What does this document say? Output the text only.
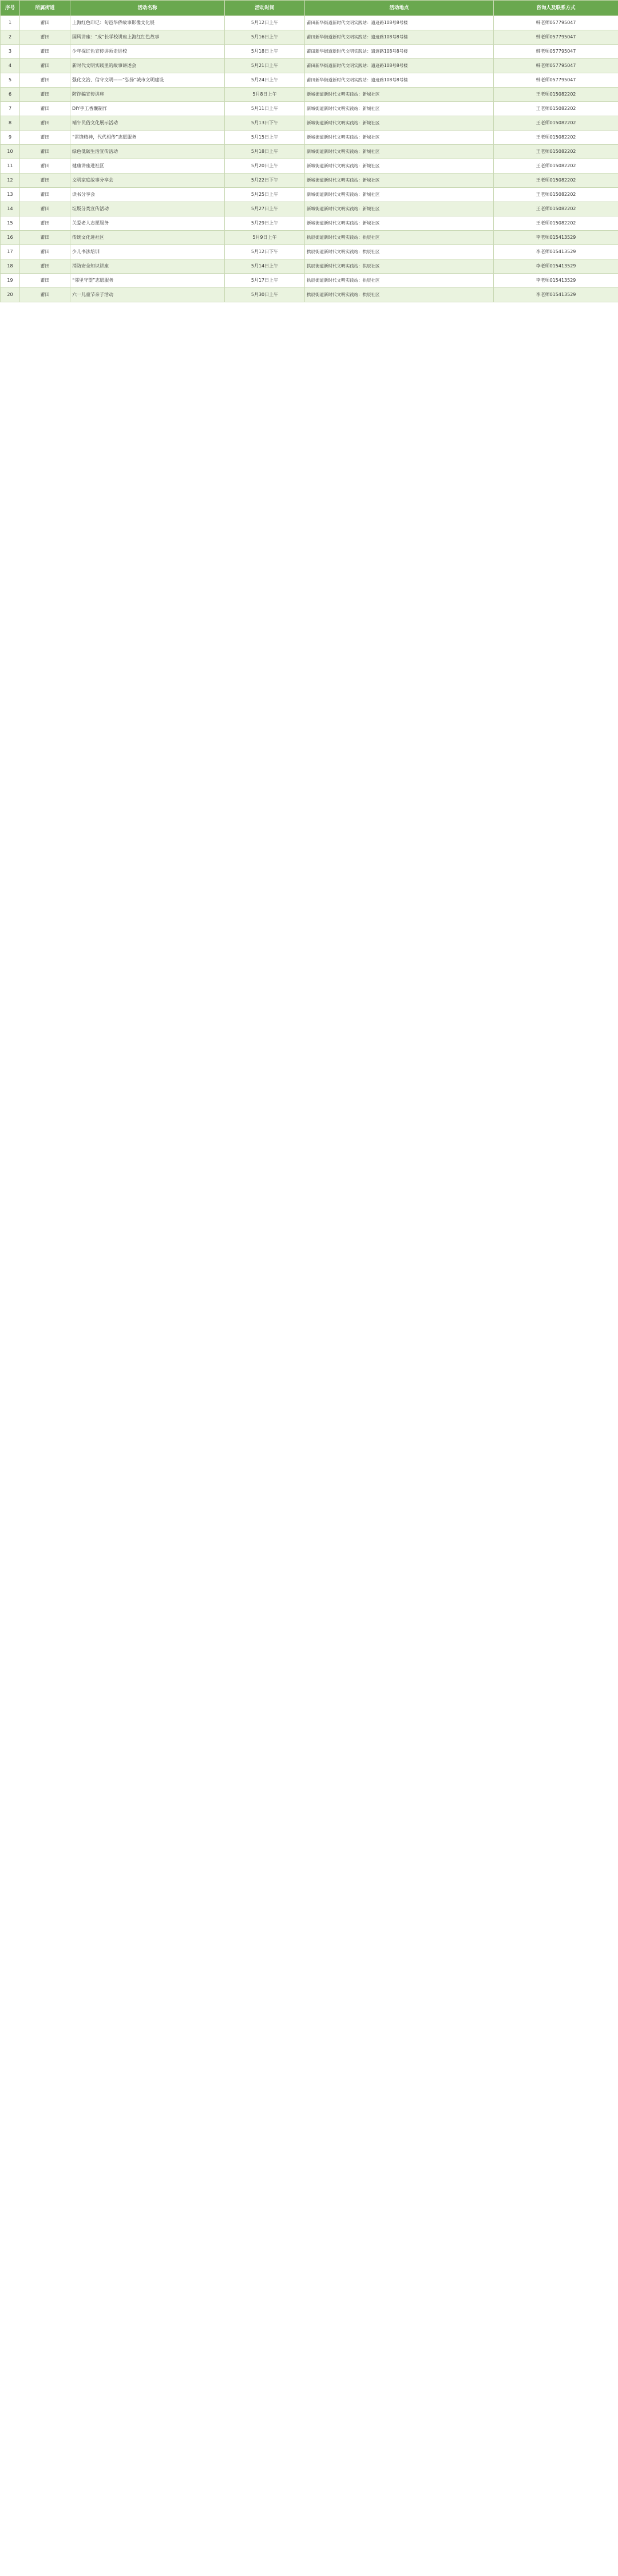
序号	所属街道	活动名称	活动时间	活动地点	咨询人及联系方式
1	莆田	上海红色印记：旬邑华侨故事影像文化展	5月12日上午	莆田新华街道新时代文明实践站：遗迹路108号8号楼	韩老师057795047
2	莆田	国风讲座：“成”长学校讲座上海红红色故事	5月16日上午	莆田新华街道新时代文明实践站：遗迹路108号8号楼	韩老师057795047
3	莆田	少年探红色宣传讲师走进校	5月18日上午	莆田新华街道新时代文明实践站：遗迹路108号8号楼	韩老师057795047
4	莆田	新时代文明实践里的故事讲述会	5月21日上午	莆田新华街道新时代文明实践站：遗迹路108号8号楼	韩老师057795047
5	莆田	强化文治、信守文明——“弘扬”城市文明建设	5月24日上午	莆田新华街道新时代文明实践站：遗迹路108号8号楼	韩老师057795047
6	莆田	防诈骗宣传讲座	5月8日上午	新城街道新时代文明实践站：新城社区	王老师015082202
7	莆田	DIY手工香囊制作	5月11日上午	新城街道新时代文明实践站：新城社区	王老师015082202
8	莆田	端午民俗文化展示活动	5月13日下午	新城街道新时代文明实践站：新城社区	王老师015082202
9	莆田	“雷锋精神，代代相传”志愿服务	5月15日上午	新城街道新时代文明实践站：新城社区	王老师015082202
10	莆田	绿色低碳生活宣传活动	5月18日上午	新城街道新时代文明实践站：新城社区	王老师015082202
11	莆田	健康讲座进社区	5月20日上午	新城街道新时代文明实践站：新城社区	王老师015082202
12	莆田	文明家庭故事分享会	5月22日下午	新城街道新时代文明实践站：新城社区	王老师015082202
13	莆田	读书分享会	5月25日上午	新城街道新时代文明实践站：新城社区	王老师015082202
14	莆田	垃圾分类宣传活动	5月27日上午	新城街道新时代文明实践站：新城社区	王老师015082202
15	莆田	关爱老人志愿服务	5月29日上午	新城街道新时代文明实践站：新城社区	王老师015082202
16	莆田	传统文化进社区	5月9日上午	拱辰街道新时代文明实践站：拱辰社区	李老师015413529
17	莆田	少儿书法培训	5月12日下午	拱辰街道新时代文明实践站：拱辰社区	李老师015413529
18	莆田	消防安全知识讲座	5月14日上午	拱辰街道新时代文明实践站：拱辰社区	李老师015413529
19	莆田	“邻里守望”志愿服务	5月17日上午	拱辰街道新时代文明实践站：拱辰社区	李老师015413529
20	莆田	六一儿童节亲子活动	5月30日上午	拱辰街道新时代文明实践站：拱辰社区	李老师015413529
